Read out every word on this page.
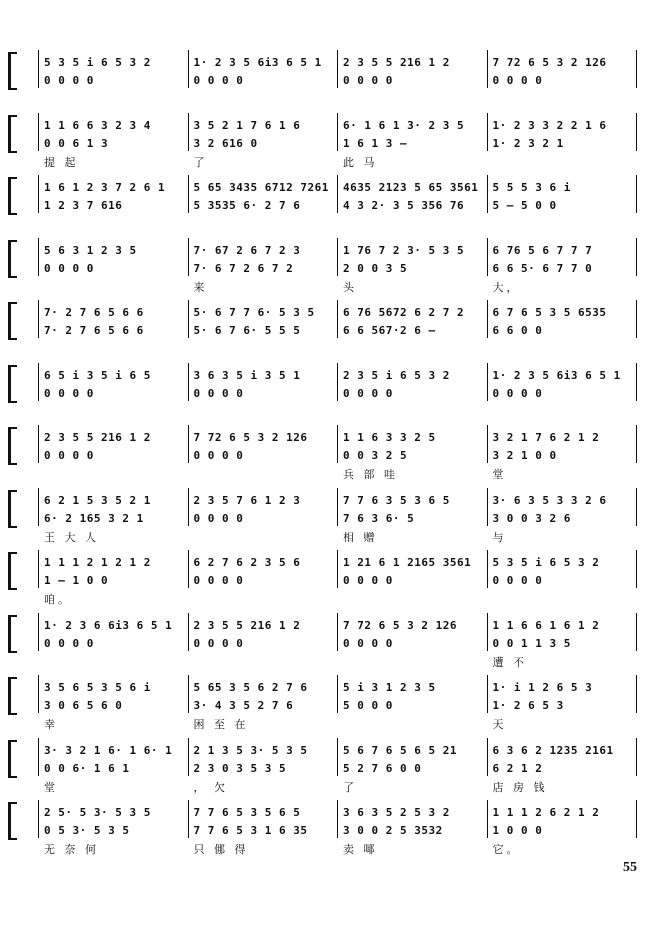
5 3 5 i 6 5 3 2	1· 2 3 5 6i3 6 5 1	2 3 5 5 216 1 2	7 72 6 5 3 2 126
0 0 0 0	0 0 0 0	0 0 0 0	0 0 0 0
1 1 6 6 3 2 3 4	3 5 2 1 7 6 1 6	6· 1 6 1 3· 2 3 5	1· 2 3 3 2 2 1 6
0 0 6 1 3	3 2 616 0	1 6 1 3 —	1· 2 3 2 1
提 起	了	此 马
1 6 1 2 3 7 2 6 1	5 65 3435 6712 7261	4635 2123 5 65 3561	5 5 5 3 6 i
1 2 3 7 616	5 3535 6· 2 7 6	4 3 2· 3 5 356 76	5 — 5 0 0
5 6 3 1 2 3 5	7· 67 2 6 7 2 3	1 76 7 2 3· 5 3 5	6 76 5 6 7 7 7
0 0 0 0	7· 6 7 2 6 7 2	2 0 0 3 5	6 6 5· 6 7 7 0
来	头	大，
7· 2 7 6 5 6 6	5· 6 7 7 6· 5 3 5	6 76 5672 6 2 7 2	6 7 6 5 3 5 6535
7· 2 7 6 5 6 6	5· 6 7 6· 5 5 5	6 6 567·2 6 —	6 6 0 0
6 5 i 3 5 i 6 5	3 6 3 5 i 3 5 1	2 3 5 i 6 5 3 2	1· 2 3 5 6i3 6 5 1
0 0 0 0	0 0 0 0	0 0 0 0	0 0 0 0
2 3 5 5 216 1 2	7 72 6 5 3 2 126	1 1 6 3 3 2 5	3 2 1 7 6 2 1 2
0 0 0 0	0 0 0 0	0 0 3 2 5	3 2 1 0 0
兵 部 哇	堂
6 2 1 5 3 5 2 1	2 3 5 7 6 1 2 3	7 7 6 3 5 3 6 5	3· 6 3 5 3 3 2 6
6· 2 165 3 2 1	0 0 0 0	7 6 3 6· 5	3 0 0 3 2 6
王 大 人	相 赠	与
1 1 1 2 1 2 1 2	6 2 7 6 2 3 5 6	1 21 6 1 2165 3561	5 3 5 i 6 5 3 2
1 — 1 0 0	0 0 0 0	0 0 0 0	0 0 0 0
咱。
1· 2 3 6 6i3 6 5 1	2 3 5 5 216 1 2	7 72 6 5 3 2 126	1 1 6 6 1 6 1 2
0 0 0 0	0 0 0 0	0 0 0 0	0 0 1 1 3 5
遭 不
3 5 6 5 3 5 6 i	5 65 3 5 6 2 7 6	5 i 3 1 2 3 5	1· i 1 2 6 5 3
3 0 6 5 6 0	3· 4 3 5 2 7 6	5 0 0 0	1· 2 6 5 3
幸	困 至 在	天
3· 3 2 1 6· 1 6· 1	2 1 3 5 3· 5 3 5	5 6 7 6 5 6 5 21	6 3 6 2 1235 2161
0 0 6· 1 6 1	2 3 0 3 5 3 5	5 2 7 6 0 0	6 2 1 2
堂	， 欠	了	店 房 钱
2 5· 5 3· 5 3 5	7 7 6 5 3 5 6 5	3 6 3 5 2 5 3 2	1 1 1 2 6 2 1 2
0 5 3· 5 3 5	7 7 6 5 3 1 6 35	3 0 0 2 5 3532	1 0 0 0
无 奈 何	只 㑚 得	卖 㖿	它。
55
